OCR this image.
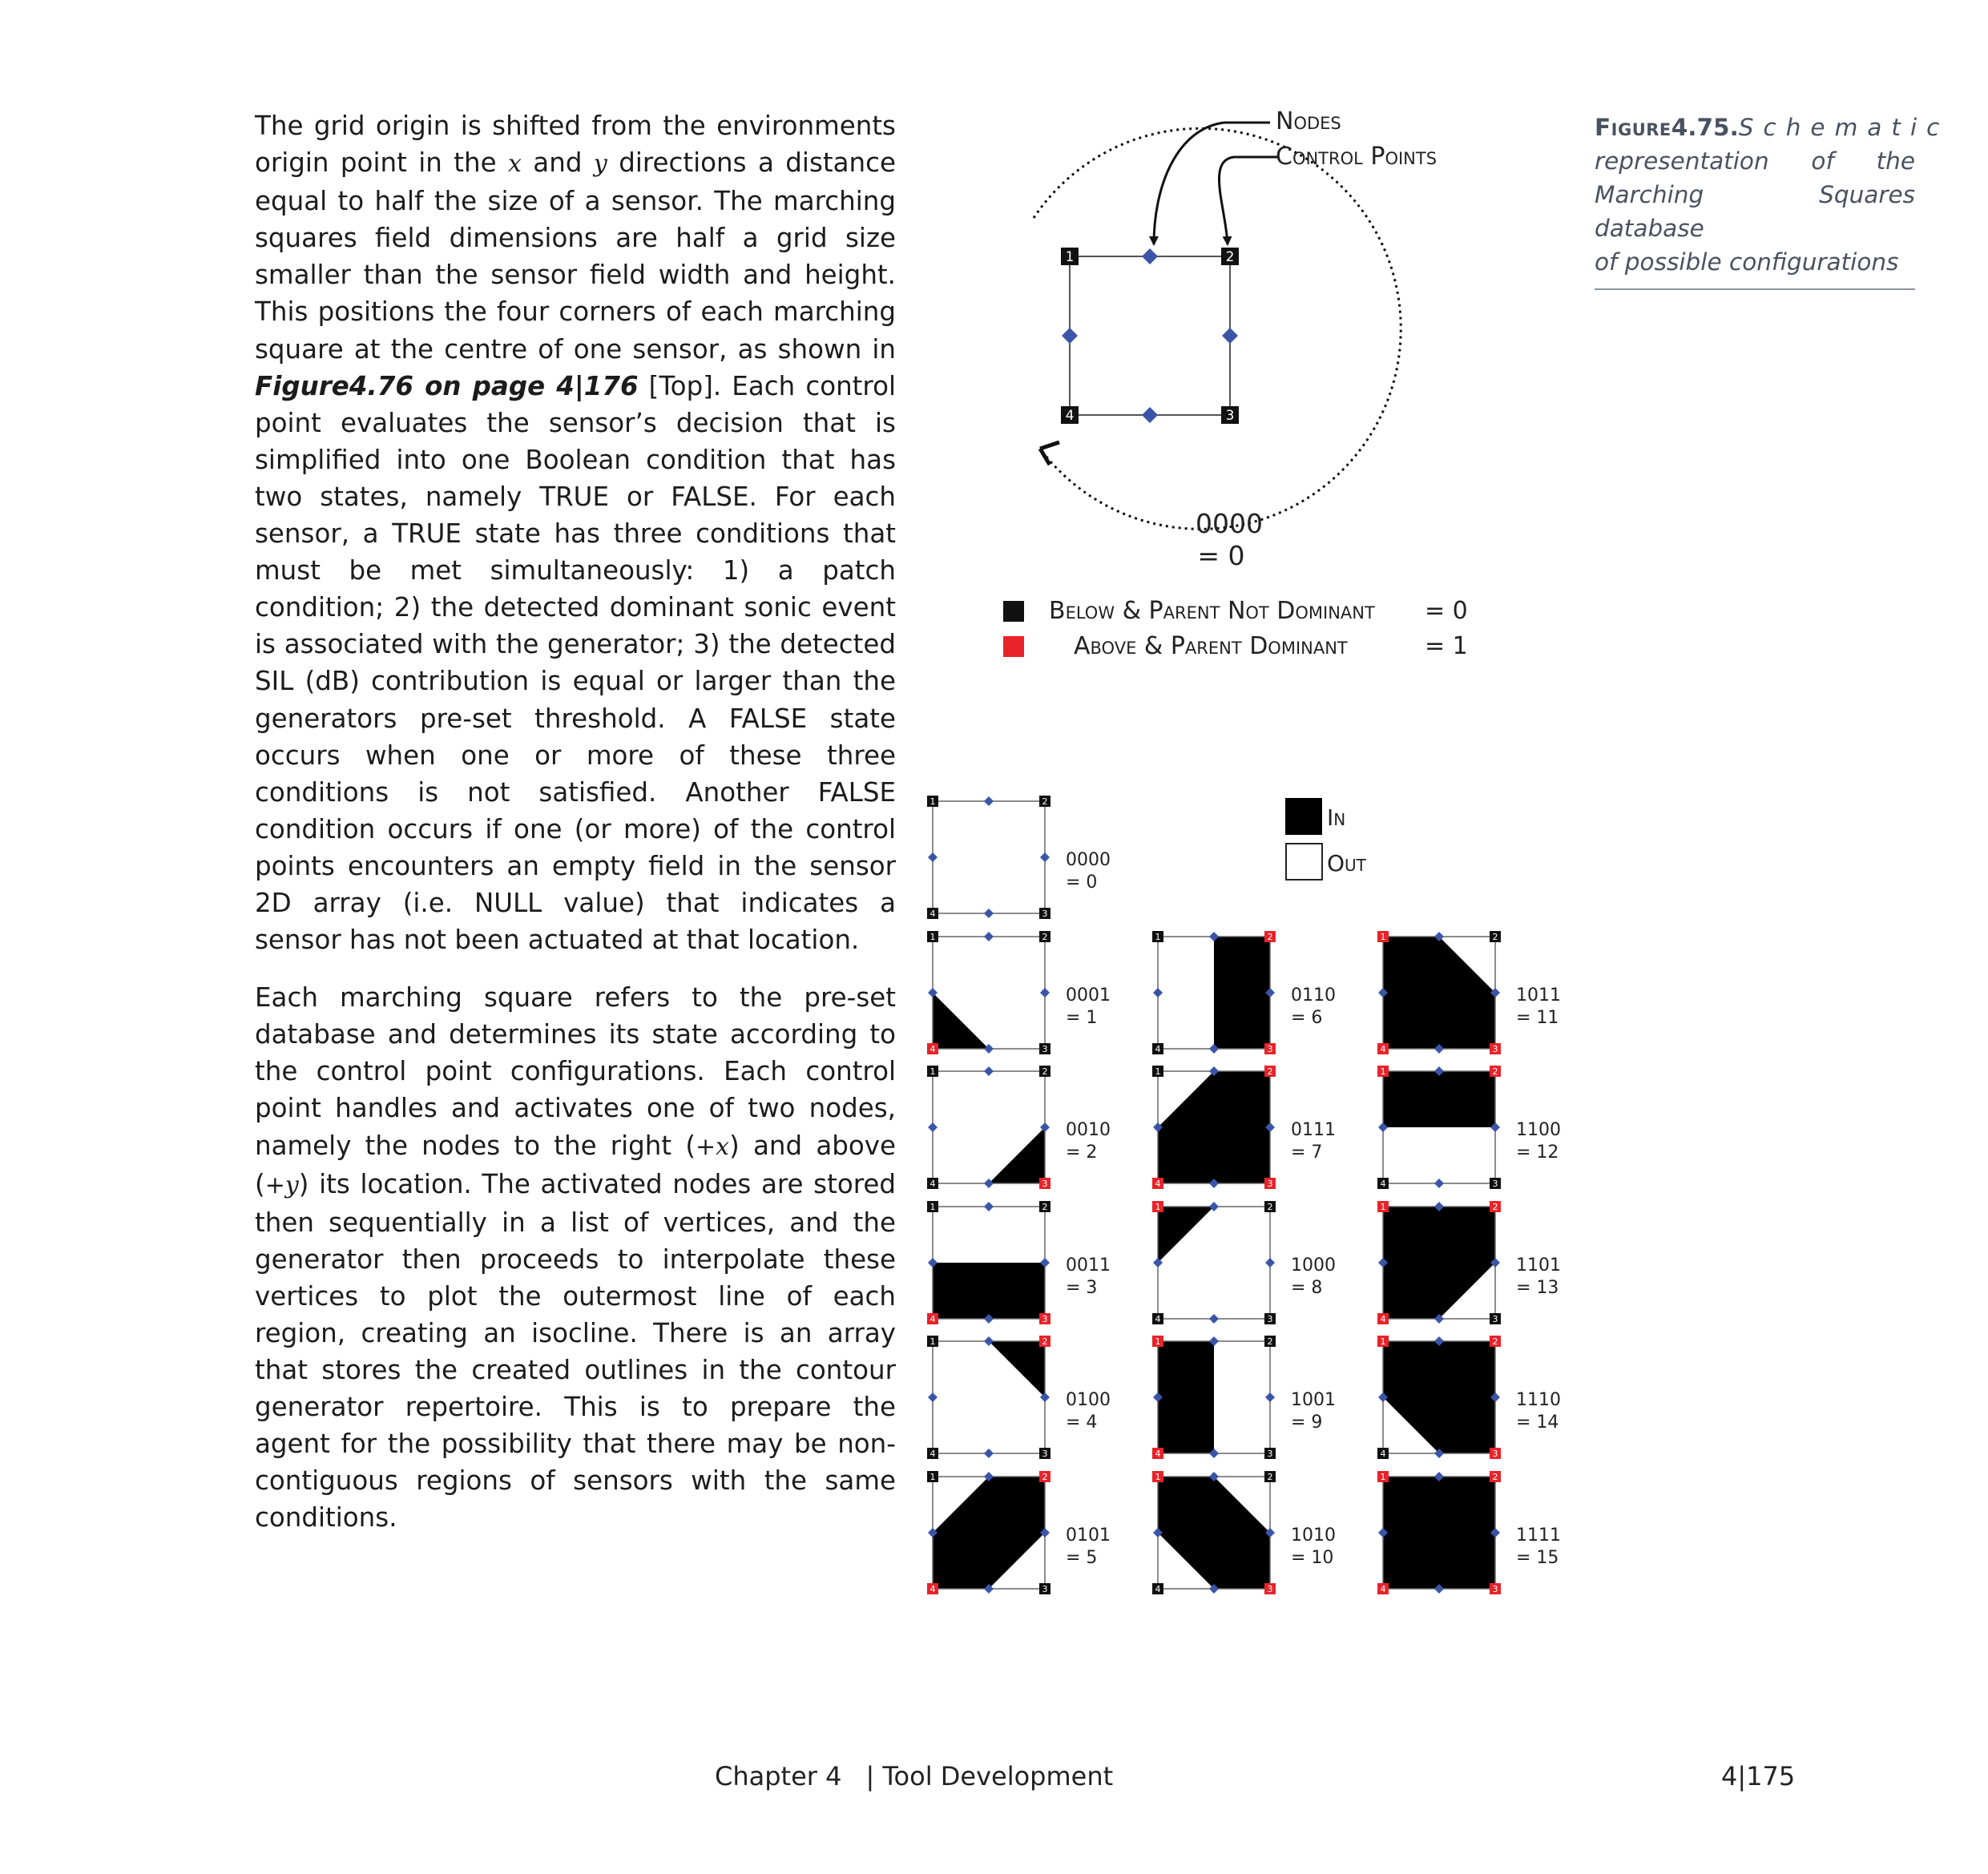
The grid origin is shifted from the environments origin point in the x and y directions a distance equal to half the size of a sensor. The marching squares field dimensions are half a grid size smaller than the sensor field width and height. This positions the four corners of each marching square at the centre of one sensor, as shown in Figure4.76 on page 4|176 [Top]. Each control point evaluates the sensor’s decision that is simplified into one Boolean condition that has two states, namely TRUE or FALSE. For each sensor, a TRUE state has three conditions that must be met simultaneously: 1) a patch condition; 2) the detected dominant sonic event is associated with the generator; 3) the detected SIL (dB) contribution is equal or larger than the generators pre-set threshold. A FALSE state occurs when one or more of these three conditions is not satisfied. Another FALSE condition occurs if one (or more) of the control points encounters an empty field in the sensor 2D array (i.e. NULL value) that indicates a sensor has not been actuated at that location.

Each marching square refers to the pre-set database and determines its state according to the control point configurations. Each control point handles and activates one of two nodes, namely the nodes to the right (+x) and above (+y) its location. The activated nodes are stored then sequentially in a list of vertices, and the generator then proceeds to interpolate these vertices to plot the outermost line of each region, creating an isocline. There is an array that stores the created outlines in the contour generator repertoire. This is to prepare the agent for the possibility that there may be non-contiguous regions of sensors with the same conditions.

Figure4.75.Schematic representation of the Marching Squares database
of possible configurations
1	2
3
4
Nodes
Control Points
0000
= 0
Below & Parent Not Dominant = 0
Above & Parent Dominant	= 1
In
Out
1	2
3
4
0000
= 0
1	2
3
4
0001
= 1
1	2
3
4
0010
= 2
1	2
3
4
0011
= 3
1	2
3
4
0100
= 4
1	2
3
4
0101
= 5
1	2
3
4
0110
= 6
1	2
3
4
0111
= 7
1	2
3
4
1000
= 8
1	2
3
4
1001
= 9
1	2
3
4
1010
= 10
1	2
3
4
1011
= 11
1	2
3
4
1100
= 12
1	2
3
4
1101
= 13
1	2
3
4
1110
= 14
1	2
3
4
1111
= 15
Chapter 4 | Tool Development	4|175
